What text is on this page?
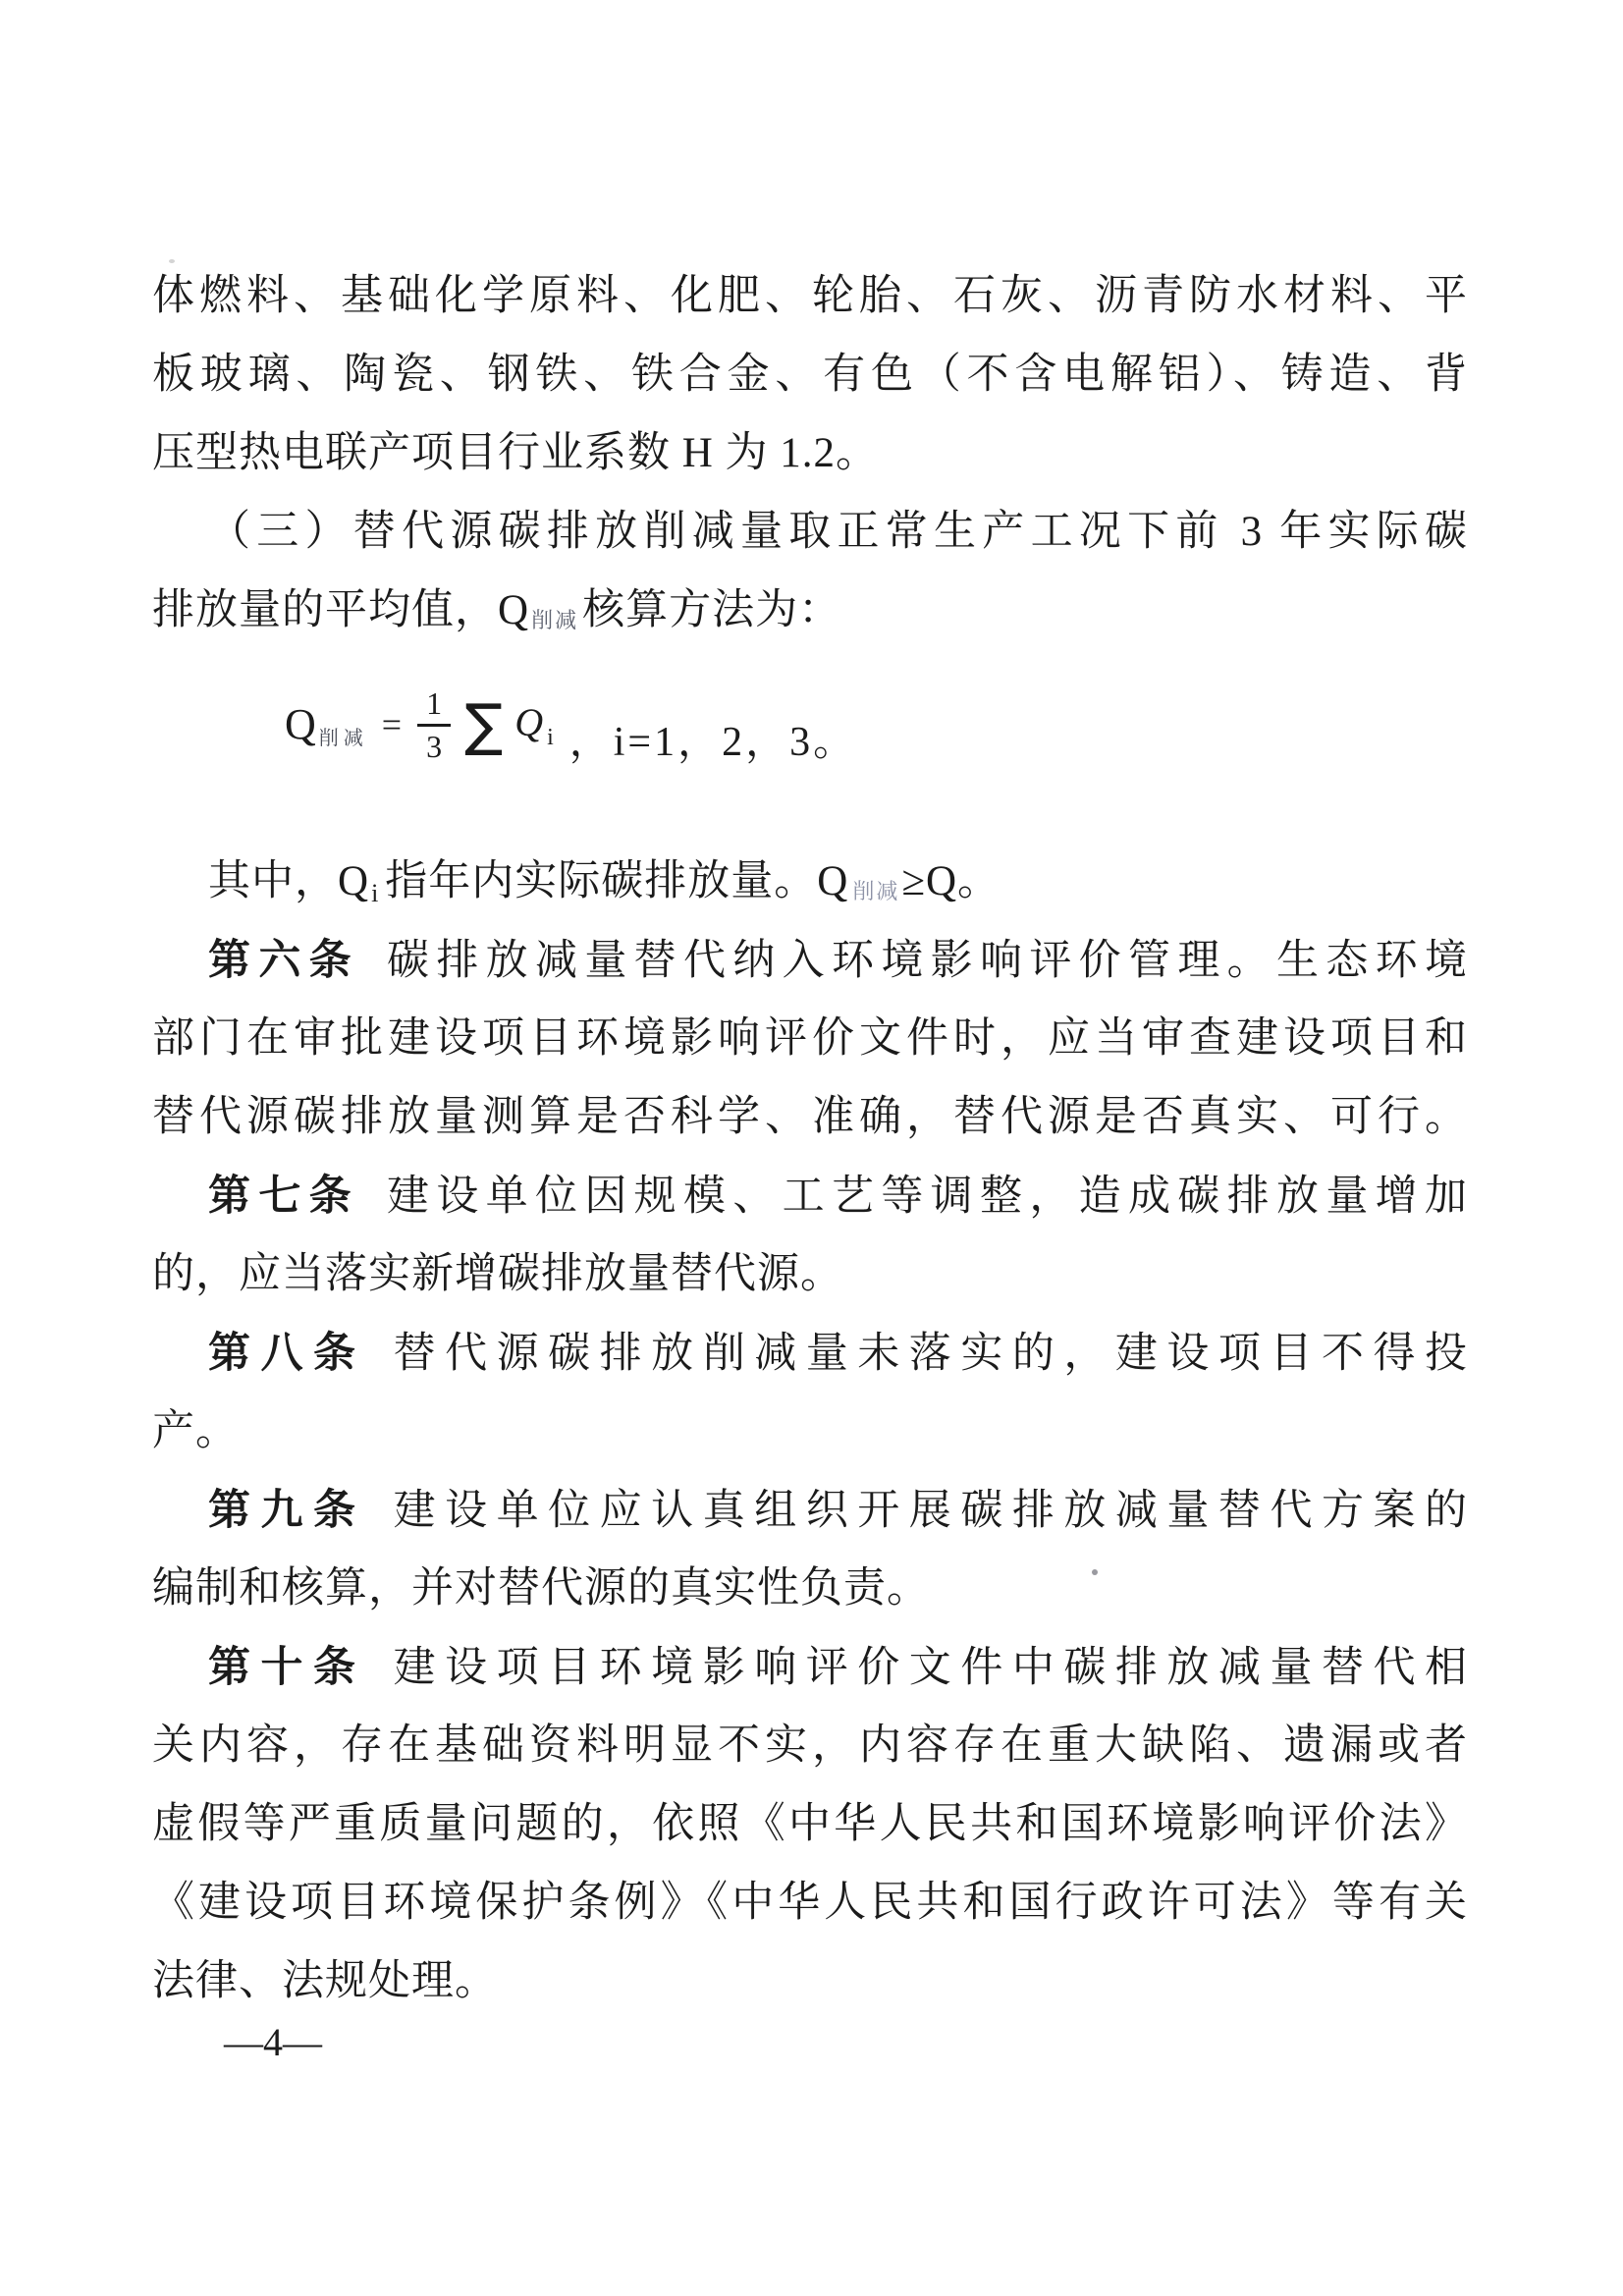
体燃料、基础化学原料、化肥、轮胎、石灰、沥青防水材料、平
板玻璃、陶瓷、钢铁、铁合金、有色（不含电解铝）、铸造、背
压型热电联产项目行业系数 H 为 1.2。
（三）替代源碳排放削减量取正常生产工况下前 3 年实际碳
排放量的平均值，Q削减核算方法为：
Q削减 = $\frac{1}{3}$ ∑ Qi ，i=1，2，3。
其中，Qi 指年内实际碳排放量。Q 削减≥Q。
第六条 碳排放减量替代纳入环境影响评价管理。生态环境
部门在审批建设项目环境影响评价文件时，应当审查建设项目和
替代源碳排放量测算是否科学、准确，替代源是否真实、可行。
第七条 建设单位因规模、工艺等调整，造成碳排放量增加
的，应当落实新增碳排放量替代源。
第八条 替代源碳排放削减量未落实的，建设项目不得投
产。
第九条 建设单位应认真组织开展碳排放减量替代方案的
编制和核算，并对替代源的真实性负责。
第十条 建设项目环境影响评价文件中碳排放减量替代相
关内容，存在基础资料明显不实，内容存在重大缺陷、遗漏或者
虚假等严重质量问题的，依照《中华人民共和国环境影响评价法》
《建设项目环境保护条例》《中华人民共和国行政许可法》等有关
法律、法规处理。
—4—
